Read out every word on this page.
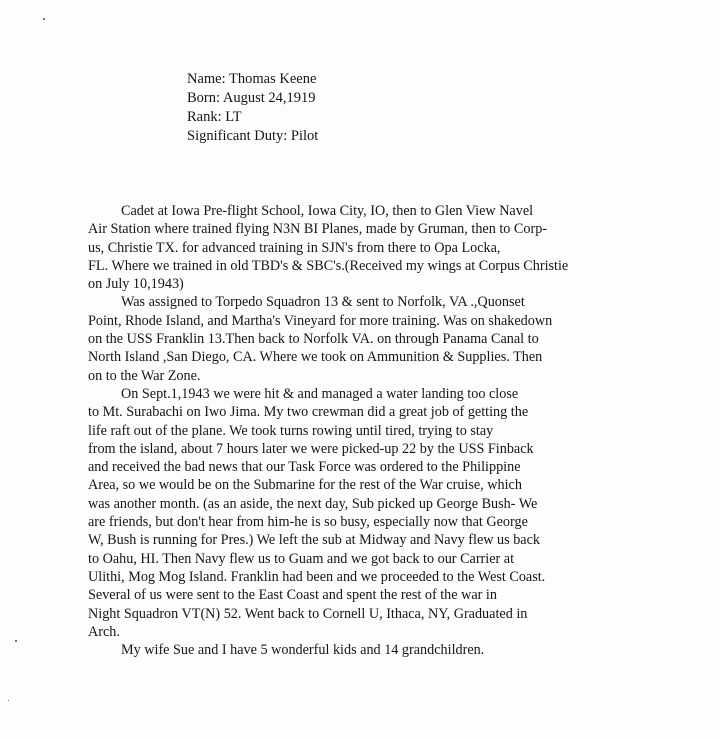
Name: Thomas Keene
Born: August 24,1919
Rank: LT
Significant Duty: Pilot
Cadet at Iowa Pre-flight School, Iowa City, IO, then to Glen View Navel
Air Station where trained flying N3N BI Planes, made by Gruman, then to Corp-
us, Christie TX. for advanced training in SJN's from there to Opa Locka,
FL. Where we trained in old TBD's & SBC's.(Received my wings at Corpus Christie
on July 10,1943)
Was assigned to Torpedo Squadron 13 & sent to Norfolk, VA .,Quonset
Point, Rhode Island, and Martha's Vineyard for more training. Was on shakedown
on the USS Franklin 13.Then back to Norfolk VA. on through Panama Canal to
North Island ,San Diego, CA. Where we took on Ammunition & Supplies. Then
on to the War Zone.
On Sept.1,1943 we were hit & and managed a water landing too close
to Mt. Surabachi on Iwo Jima. My two crewman did a great job of getting the
life raft out of the plane. We took turns rowing until tired, trying to stay
from the island, about 7 hours later we were picked-up 22 by the USS Finback
and received the bad news that our Task Force was ordered to the Philippine
Area, so we would be on the Submarine for the rest of the War cruise, which
was another month. (as an aside, the next day, Sub picked up George Bush- We
are friends, but don't hear from him-he is so busy, especially now that George
W, Bush is running for Pres.) We left the sub at Midway and Navy flew us back
to Oahu, HI. Then Navy flew us to Guam and we got back to our Carrier at
Ulithi, Mog Mog Island. Franklin had been and we proceeded to the West Coast.
Several of us were sent to the East Coast and spent the rest of the war in
Night Squadron VT(N) 52. Went back to Cornell U, Ithaca, NY, Graduated in
Arch.
My wife Sue and I have 5 wonderful kids and 14 grandchildren.
